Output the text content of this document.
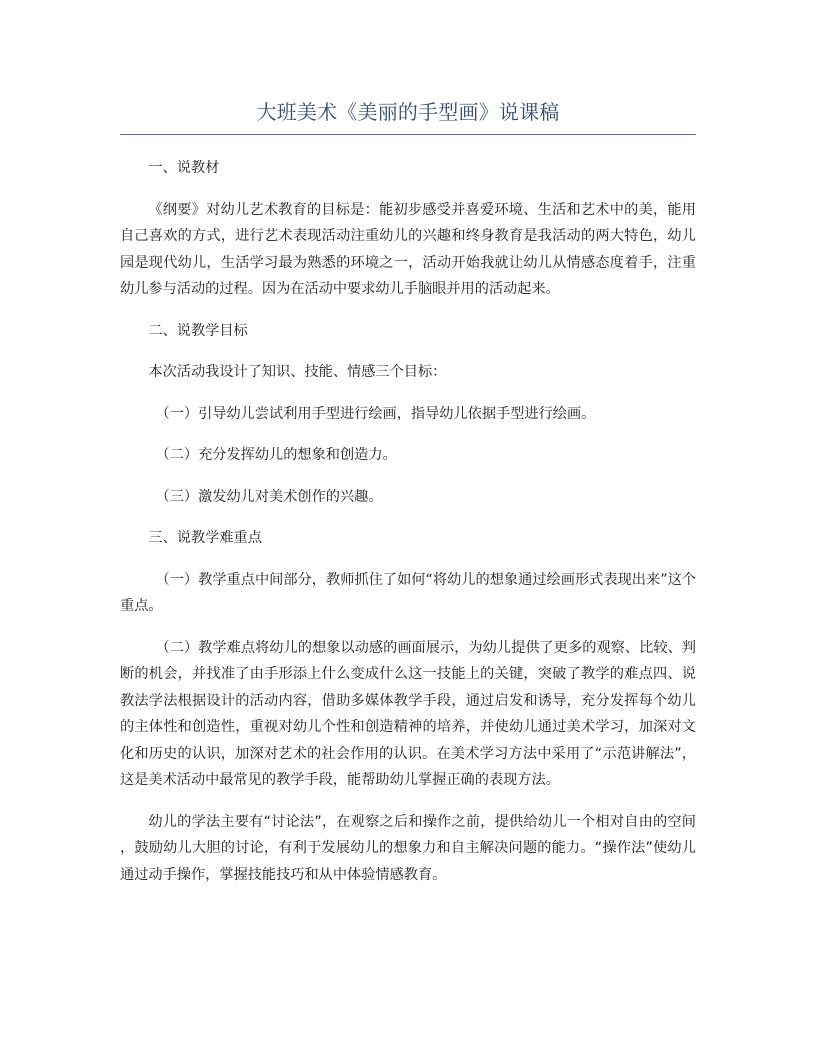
大班美术《美丽的手型画》说课稿

一、说教材

《纲要》对幼儿艺术教育的目标是：能初步感受并喜爱环境、生活和艺术中的美，能用自己喜欢的方式，进行艺术表现活动注重幼儿的兴趣和终身教育是我活动的两大特色，幼儿园是现代幼儿，生活学习最为熟悉的环境之一，活动开始我就让幼儿从情感态度着手，注重幼儿参与活动的过程。因为在活动中要求幼儿手脑眼并用的活动起来。

二、说教学目标

本次活动我设计了知识、技能、情感三个目标：

（一）引导幼儿尝试利用手型进行绘画，指导幼儿依据手型进行绘画。

（二）充分发挥幼儿的想象和创造力。

（三）激发幼儿对美术创作的兴趣。

三、说教学难重点

（一）教学重点中间部分，教师抓住了如何“将幼儿的想象通过绘画形式表现出来”这个重点。

（二）教学难点将幼儿的想象以动感的画面展示，为幼儿提供了更多的观察、比较、判断的机会，并找准了由手形添上什么变成什么这一技能上的关键，突破了教学的难点四、说教法学法根据设计的活动内容，借助多媒体教学手段，通过启发和诱导，充分发挥每个幼儿的主体性和创造性，重视对幼儿个性和创造精神的培养，并使幼儿通过美术学习，加深对文化和历史的认识，加深对艺术的社会作用的认识。在美术学习方法中采用了“示范讲解法”，这是美术活动中最常见的教学手段，能帮助幼儿掌握正确的表现方法。

幼儿的学法主要有“讨论法”，在观察之后和操作之前，提供给幼儿一个相对自由的空间，鼓励幼儿大胆的讨论，有利于发展幼儿的想象力和自主解决问题的能力。“操作法”使幼儿通过动手操作，掌握技能技巧和从中体验情感教育。
